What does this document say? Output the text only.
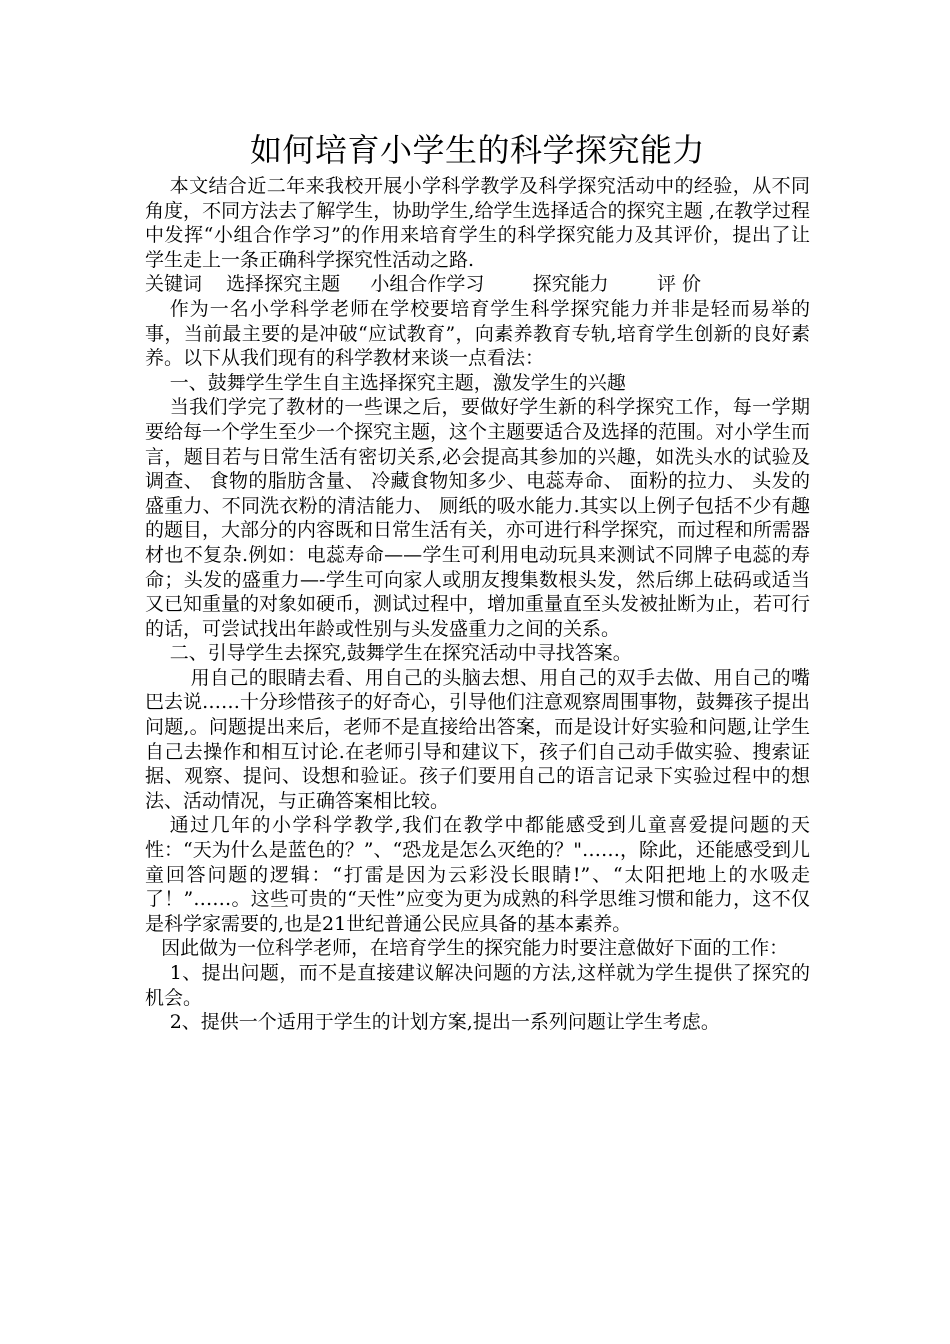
如何培育小学生的科学探究能力

本文结合近二年来我校开展小学科学教学及科学探究活动中的经验，从不同角度，不同方法去了解学生，协助学生,给学生选择适合的探究主题 ,在教学过程中发挥“小组合作学习”的作用来培育学生的科学探究能力及其评价，提出了让学生走上一条正确科学探究性活动之路.

关键词    选择探究主题     小组合作学习        探究能力        评 价

作为一名小学科学老师在学校要培育学生科学探究能力并非是轻而易举的事，当前最主要的是冲破“应试教育”，向素养教育专轨,培育学生创新的良好素养。以下从我们现有的科学教材来谈一点看法：

一、鼓舞学生学生自主选择探究主题，激发学生的兴趣

当我们学完了教材的一些课之后，要做好学生新的科学探究工作，每一学期要给每一个学生至少一个探究主题，这个主题要适合及选择的范围。对小学生而言，题目若与日常生活有密切关系,必会提高其参加的兴趣，如洗头水的试验及调查、 食物的脂肪含量、 冷藏食物知多少、电蕊寿命、 面粉的拉力、 头发的盛重力、不同洗衣粉的清洁能力、 厕纸的吸水能力.其实以上例子包括不少有趣的题目，大部分的内容既和日常生活有关，亦可进行科学探究，而过程和所需器材也不复杂.例如：电蕊寿命——学生可利用电动玩具来测试不同牌子电蕊的寿命；头发的盛重力—-学生可向家人或朋友搜集数根头发，然后绑上砝码或适当又已知重量的对象如硬币，测试过程中，增加重量直至头发被扯断为止，若可行的话，可尝试找出年龄或性别与头发盛重力之间的关系。

二、引导学生去探究,鼓舞学生在探究活动中寻找答案。

用自己的眼睛去看、用自己的头脑去想、用自己的双手去做、用自己的嘴巴去说……十分珍惜孩子的好奇心，引导他们注意观察周围事物，鼓舞孩子提出问题,。问题提出来后，老师不是直接给出答案，而是设计好实验和问题,让学生自己去操作和相互讨论.在老师引导和建议下，孩子们自己动手做实验、搜索证据、观察、提问、设想和验证。孩子们要用自己的语言记录下实验过程中的想法、活动情况，与正确答案相比较。

通过几年的小学科学教学,我们在教学中都能感受到儿童喜爱提问题的天性：“天为什么是蓝色的？”、“恐龙是怎么灭绝的？"……，除此，还能感受到儿童回答问题的逻辑：“打雷是因为云彩没长眼睛!”、“太阳把地上的水吸走了！”……。这些可贵的“天性”应变为更为成熟的科学思维习惯和能力，这不仅是科学家需要的,也是21世纪普通公民应具备的基本素养。

因此做为一位科学老师，在培育学生的探究能力时要注意做好下面的工作：

1、提出问题，而不是直接建议解决问题的方法,这样就为学生提供了探究的机会。

2、提供一个适用于学生的计划方案,提出一系列问题让学生考虑。
